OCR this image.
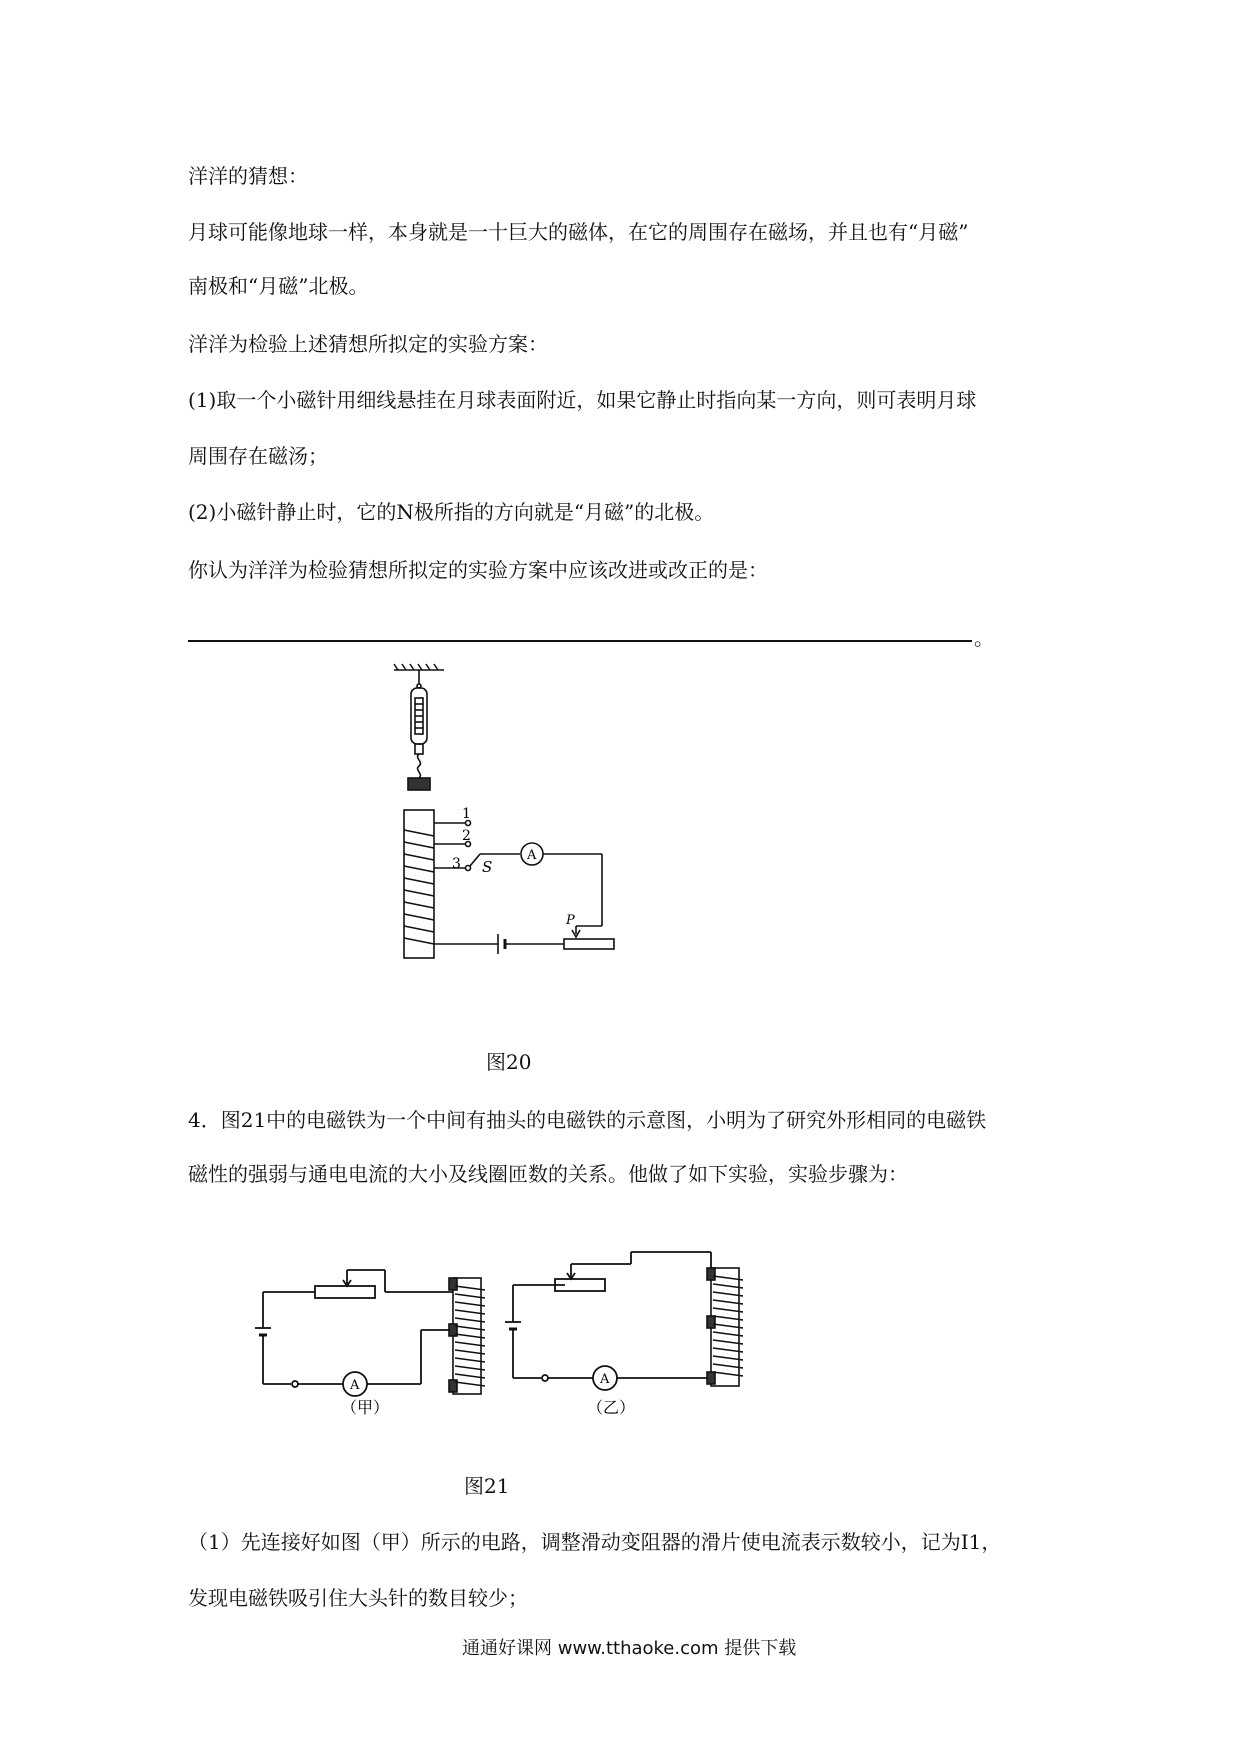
洋洋的猜想：
月球可能像地球一样，本身就是一十巨大的磁体，在它的周围存在磁场，并且也有“月磁”
南极和“月磁”北极。
洋洋为检验上述猜想所拟定的实验方案：
(1)取一个小磁针用细线悬挂在月球表面附近，如果它静止时指向某一方向，则可表明月球
周围存在磁汤；
(2)小磁针静止时，它的N极所指的方向就是“月磁”的北极。
你认为洋洋为检验猜想所拟定的实验方案中应该改进或改正的是：
。
1
2
3 S
A
P
图20
4．图21中的电磁铁为一个中间有抽头的电磁铁的示意图，小明为了研究外形相同的电磁铁
磁性的强弱与通电电流的大小及线圈匝数的关系。他做了如下实验，实验步骤为：
A	A
（甲）	（乙）
图21
（1）先连接好如图（甲）所示的电路，调整滑动变阻器的滑片使电流表示数较小，记为I1，
发现电磁铁吸引住大头针的数目较少；
通通好课网 www.tthaoke.com 提供下载
